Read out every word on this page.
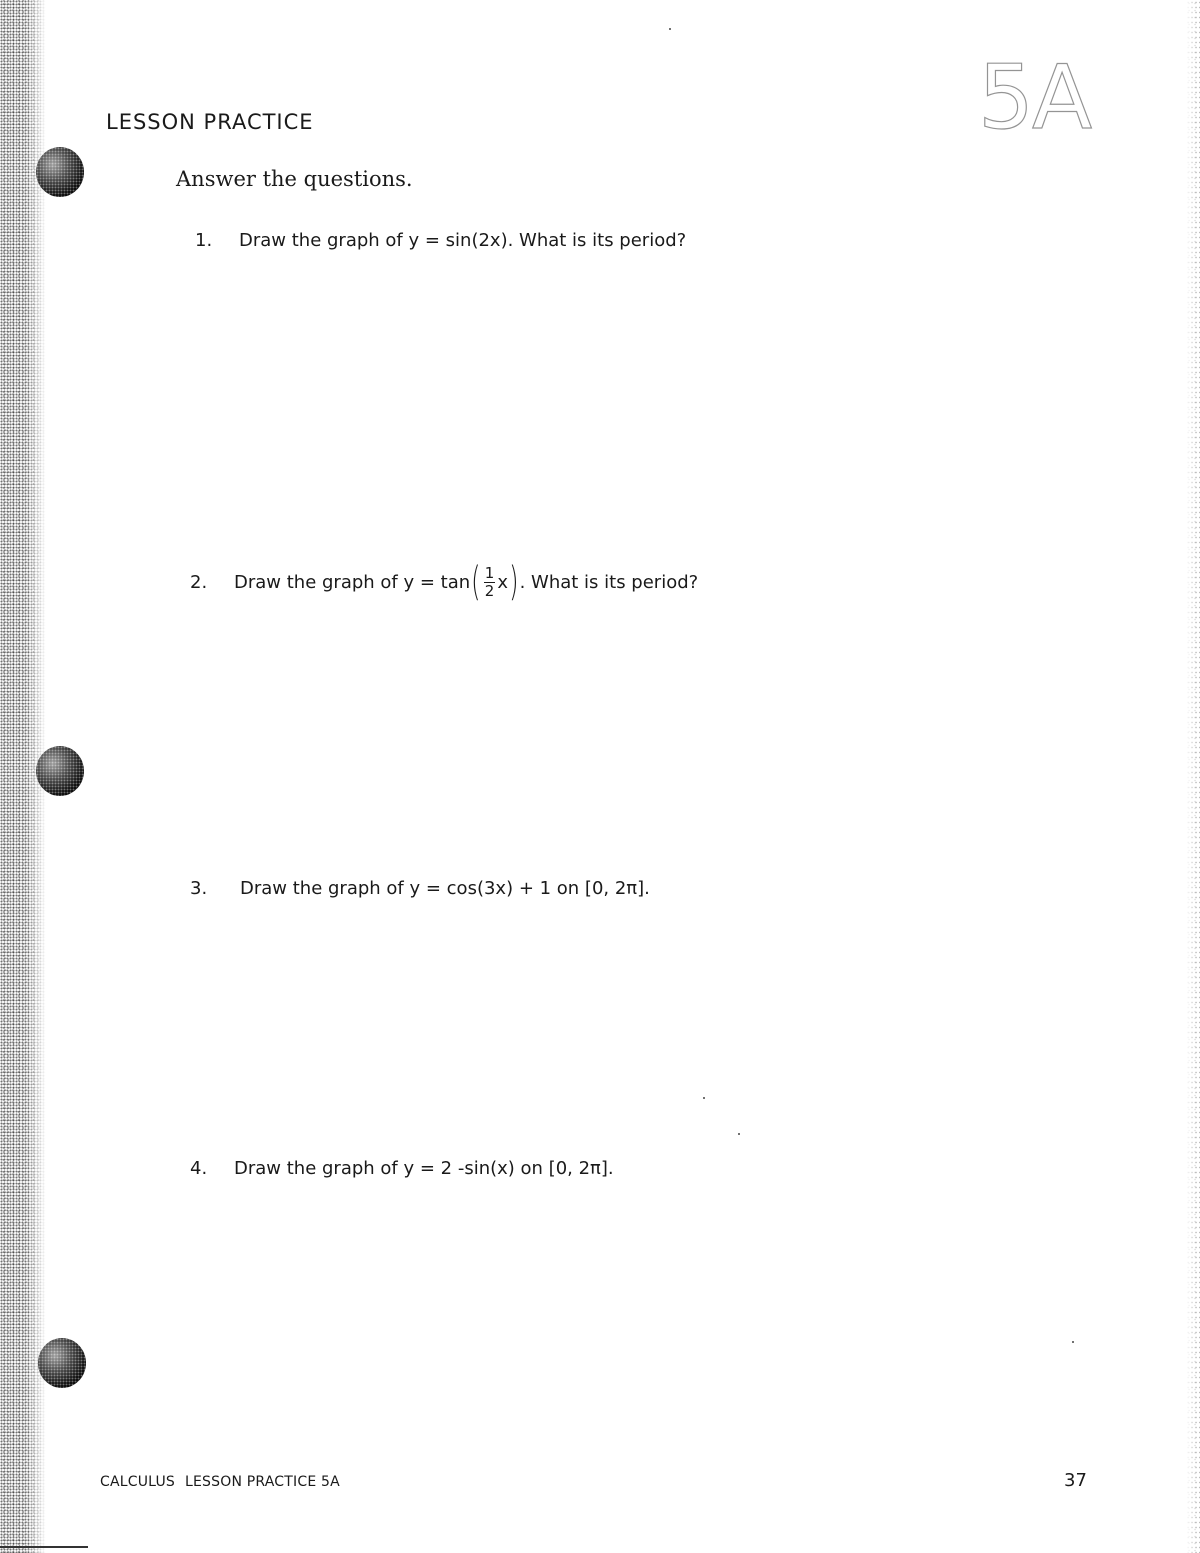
5A
LESSON PRACTICE
Answer the questions.
1.	Draw the graph of y = sin(2x). What is its period?
2.	Draw the graph of y = tan ( $\frac{1}{2}$ x ) . What is its period?
3.	Draw the graph of y = cos(3x) + 1 on [0, 2π].
4.	Draw the graph of y = 2 -sin(x) on [0, 2π].
CALCULUS LESSON PRACTICE 5A	37
